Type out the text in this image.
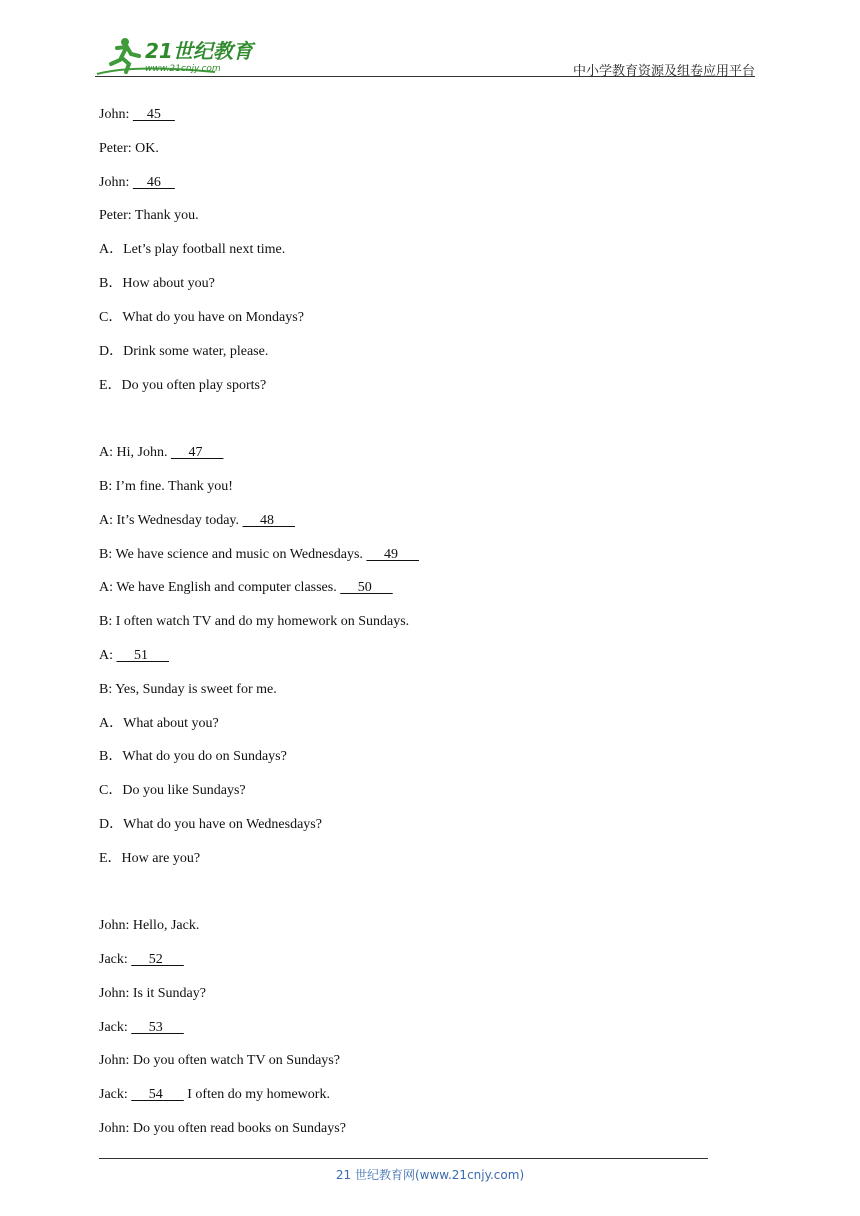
21世纪教育
www.21cnjy.com	中小学教育资源及组卷应用平台
John:     45
Peter: OK.
John:     46
Peter: Thank you.
A．Let’s play football next time.
B．How about you?
C．What do you have on Mondays?
D．Drink some water, please.
E．Do you often play sports?
A: Hi, John.      47
B: I’m fine. Thank you!
A: It’s Wednesday today.      48
B: We have science and music on Wednesdays.      49
A: We have English and computer classes.      50
B: I often watch TV and do my homework on Sundays.
A:      51
B: Yes, Sunday is sweet for me.
A．What about you?
B．What do you do on Sundays?
C．Do you like Sundays?
D．What do you have on Wednesdays?
E．How are you?
John: Hello, Jack.
Jack:      52
John: Is it Sunday?
Jack:      53
John: Do you often watch TV on Sundays?
Jack:      54       I often do my homework.
John: Do you often read books on Sundays?
21 世纪教育网(www.21cnjy.com)
